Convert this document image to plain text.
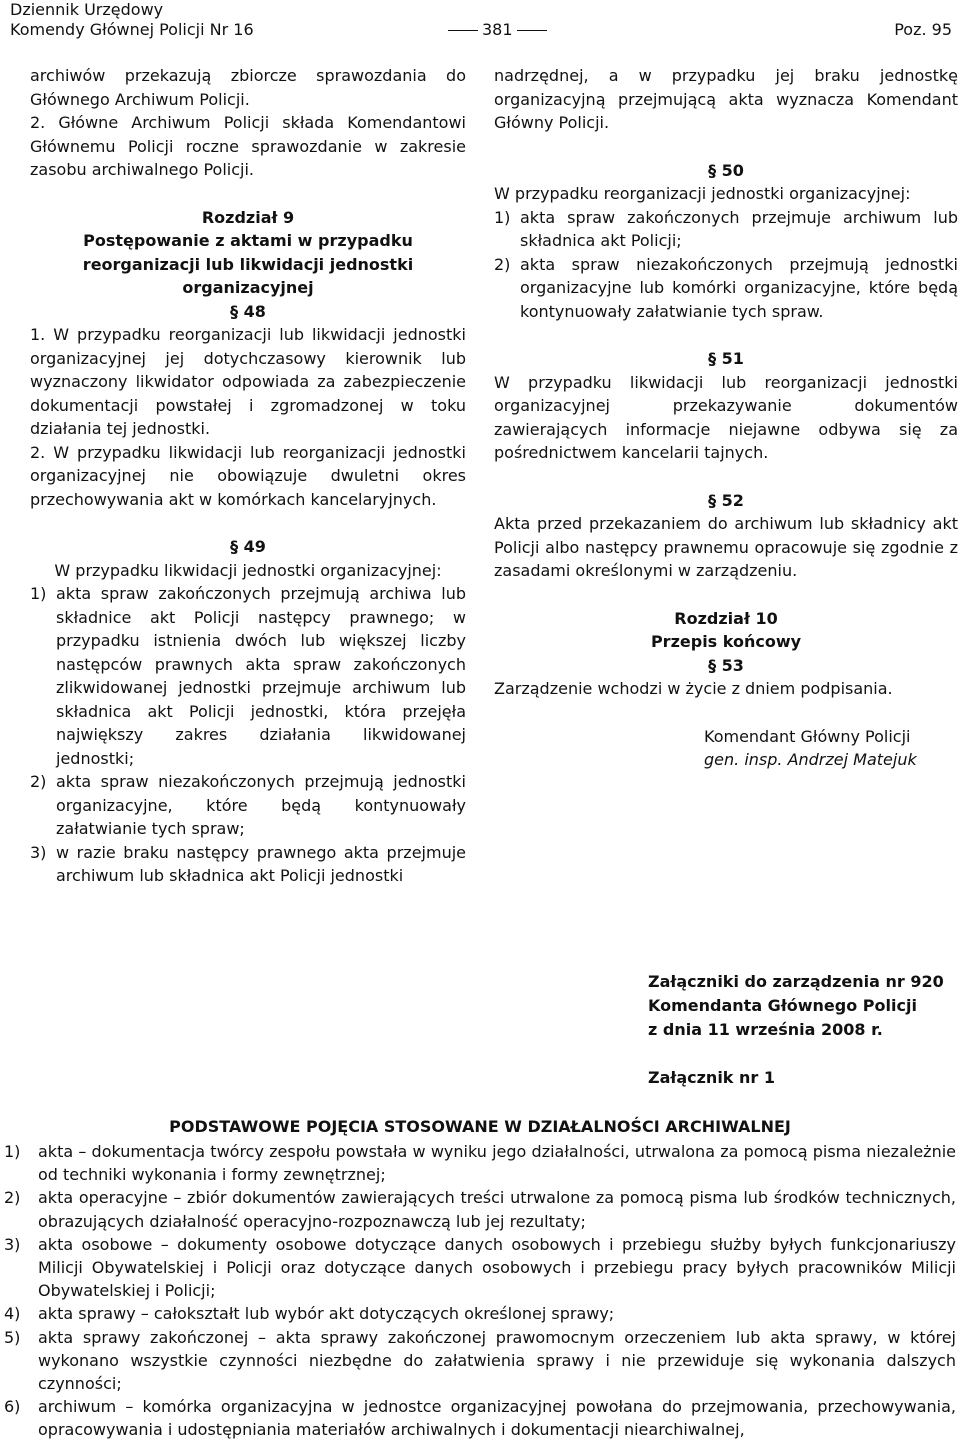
Dziennik Urzędowy
Komendy Głównej Policji Nr 16	381	Poz. 95

archiwów przekazują zbiorcze sprawozdania do Głównego Archiwum Policji.

2. Główne Archiwum Policji składa Komendantowi Głównemu Policji roczne sprawozdanie w zakresie zasobu archiwalnego Policji.

Rozdział 9

Postępowanie z aktami w przypadku reorganizacji lub likwidacji jednostki organizacyjnej

§ 48

1. W przypadku reorganizacji lub likwidacji jednostki organizacyjnej jej dotychczasowy kierownik lub wyznaczony likwidator odpowiada za zabezpieczenie dokumentacji powstałej i zgromadzonej w toku działania tej jednostki.

2. W przypadku likwidacji lub reorganizacji jednostki organizacyjnej nie obowiązuje dwuletni okres przechowywania akt w komórkach kancelaryjnych.

§ 49

W przypadku likwidacji jednostki organizacyjnej:

1) akta spraw zakończonych przejmują archiwa lub składnice akt Policji następcy prawnego; w przypadku istnienia dwóch lub większej liczby następców prawnych akta spraw zakończonych zlikwidowanej jednostki przejmuje archiwum lub składnica akt Policji jednostki, która przejęła największy zakres działania likwidowanej jednostki;

2) akta spraw niezakończonych przejmują jednostki organizacyjne, które będą kontynuowały załatwianie tych spraw;

3) w razie braku następcy prawnego akta przejmuje archiwum lub składnica akt Policji jednostki

nadrzędnej, a w przypadku jej braku jednostkę organizacyjną przejmującą akta wyznacza Komendant Główny Policji.

§ 50

W przypadku reorganizacji jednostki organizacyjnej:

1) akta spraw zakończonych przejmuje archiwum lub składnica akt Policji;

2) akta spraw niezakończonych przejmują jednostki organizacyjne lub komórki organizacyjne, które będą kontynuowały załatwianie tych spraw.

§ 51

W przypadku likwidacji lub reorganizacji jednostki organizacyjnej przekazywanie dokumentów zawierających informacje niejawne odbywa się za pośrednictwem kancelarii tajnych.

§ 52

Akta przed przekazaniem do archiwum lub składnicy akt Policji albo następcy prawnemu opracowuje się zgodnie z zasadami określonymi w zarządzeniu.

Rozdział 10

Przepis końcowy

§ 53

Zarządzenie wchodzi w życie z dniem podpisania.

Komendant Główny Policji

gen. insp. Andrzej Matejuk

Załączniki do zarządzenia nr 920
Komendanta Głównego Policji
z dnia 11 września 2008 r.
Załącznik nr 1
PODSTAWOWE POJĘCIA STOSOWANE W DZIAŁALNOŚCI ARCHIWALNEJ

1) akta – dokumentacja twórcy zespołu powstała w wyniku jego działalności, utrwalona za pomocą pisma niezależnie od techniki wykonania i formy zewnętrznej;

2) akta operacyjne – zbiór dokumentów zawierających treści utrwalone za pomocą pisma lub środków technicznych, obrazujących działalność operacyjno-rozpoznawczą lub jej rezultaty;

3) akta osobowe – dokumenty osobowe dotyczące danych osobowych i przebiegu służby byłych funkcjonariuszy Milicji Obywatelskiej i Policji oraz dotyczące danych osobowych i przebiegu pracy byłych pracowników Milicji Obywatelskiej i Policji;

4) akta sprawy – całokształt lub wybór akt dotyczących określonej sprawy;

5) akta sprawy zakończonej – akta sprawy zakończonej prawomocnym orzeczeniem lub akta sprawy, w której wykonano wszystkie czynności niezbędne do załatwienia sprawy i nie przewiduje się wykonania dalszych czynności;

6) archiwum – komórka organizacyjna w jednostce organizacyjnej powołana do przejmowania, przechowywania, opracowywania i udostępniania materiałów archiwalnych i dokumentacji niearchiwalnej,
